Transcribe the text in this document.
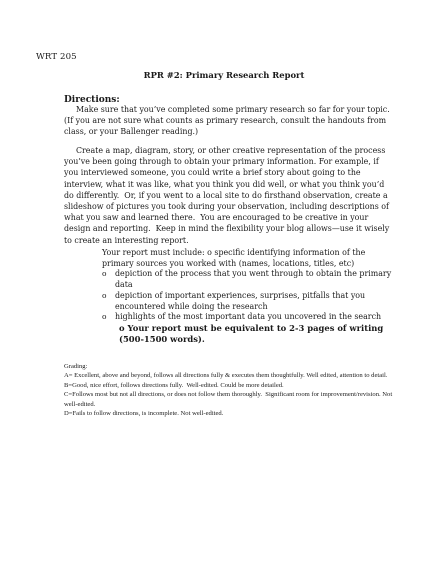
WRT 205
RPR #2: Primary Research Report
Directions:
Make sure that you’ve completed some primary research so far for your topic. (If you are not sure what counts as primary research, consult the handouts from class, or your Ballenger reading.)
Create a map, diagram, story, or other creative representation of the process you’ve been going through to obtain your primary information. For example, if you interviewed someone, you could write a brief story about going to the interview, what it was like, what you think you did well, or what you think you’d do differently.  Or, if you went to a local site to do firsthand observation, create a slideshow of pictures you took during your observation, including descriptions of what you saw and learned there.  You are encouraged to be creative in your design and reporting.  Keep in mind the flexibility your blog allows—use it wisely to create an interesting report.
Your report must include: o specific identifying information of the primary sources you worked with (names, locations, titles, etc)
o	depiction of the process that you went through to obtain the primary data
o	depiction of important experiences, surprises, pitfalls that you encountered while doing the research
o	highlights of the most important data you uncovered in the search
o Your report must be equivalent to 2-3 pages of writing (500-1500 words).
Grading:
A= Excellent, above and beyond, follows all directions fully & executes them thoughtfully. Well edited, attention to detail.
B=Good, nice effort, follows directions fully.  Well-edited. Could be more detailed.
C=Follows most but not all directions, or does not follow them thoroughly.  Significant room for improvement/revision. Not well-edited.
D=Fails to follow directions, is incomplete. Not well-edited.
